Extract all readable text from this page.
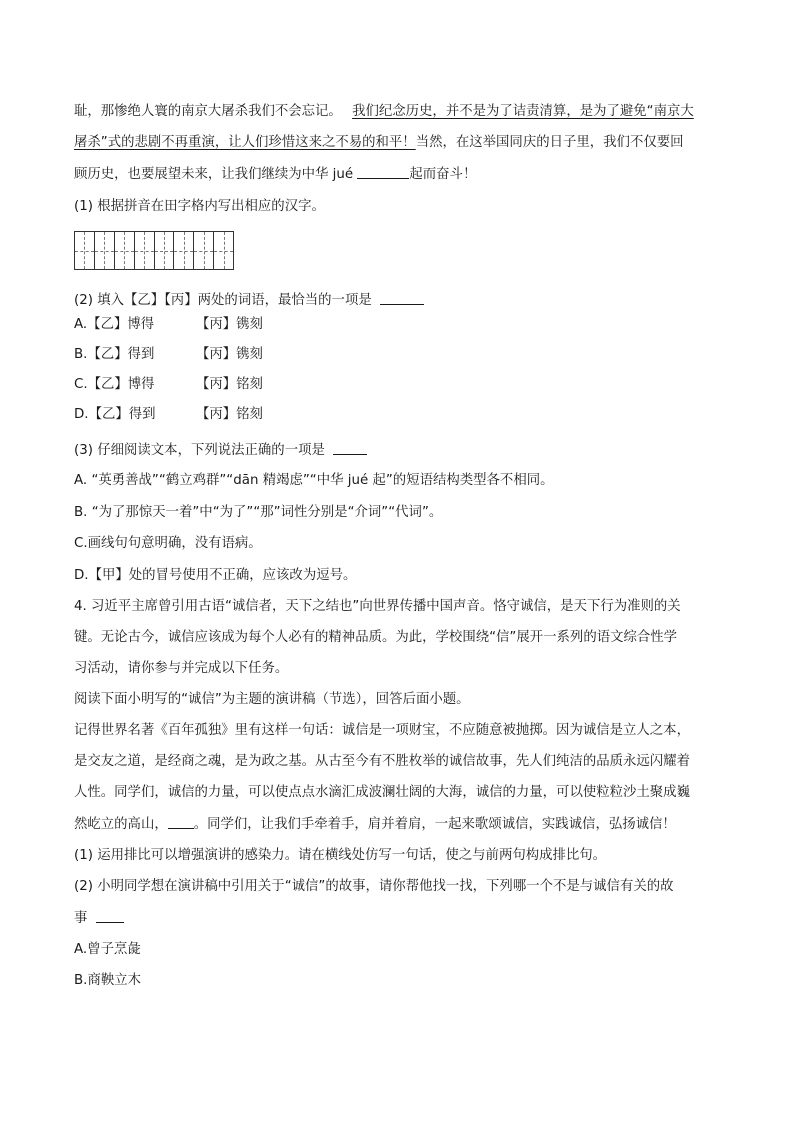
耻，那惨绝人寰的南京大屠杀我们不会忘记。 我们纪念历史，并不是为了诘责清算，是为了避免“南京大
屠杀”式的悲剧不再重演，让人们珍惜这来之不易的和平！当然，在这举国同庆的日子里，我们不仅要回
顾历史，也要展望未来，让我们继续为中华 jué	起而奋斗！
(1) 根据拼音在田字格内写出相应的汉字。
(2) 填入【乙】【丙】两处的词语，最恰当的一项是
A.【乙】博得	【丙】镌刻
B.【乙】得到	【丙】镌刻
C.【乙】博得	【丙】铭刻
D.【乙】得到	【丙】铭刻
(3) 仔细阅读文本，下列说法正确的一项是
A. “英勇善战”“鹤立鸡群”“dān 精竭虑”“中华 jué 起”的短语结构类型各不相同。
B. “为了那惊天一着”中“为了”“那”词性分别是“介词”“代词”。
C.画线句句意明确，没有语病。
D.【甲】处的冒号使用不正确，应该改为逗号。
4. 习近平主席曾引用古语“诚信者，天下之结也”向世界传播中国声音。恪守诚信，是天下行为准则的关
键。无论古今，诚信应该成为每个人必有的精神品质。为此，学校围绕“信”展开一系列的语文综合性学
习活动，请你参与并完成以下任务。
阅读下面小明写的“诚信”为主题的演讲稿（节选），回答后面小题。
记得世界名著《百年孤独》里有这样一句话：诚信是一项财宝，不应随意被抛掷。因为诚信是立人之本，
是交友之道，是经商之魂，是为政之基。从古至今有不胜枚举的诚信故事，先人们纯洁的品质永远闪耀着
人性。同学们，诚信的力量，可以使点点水滴汇成波澜壮阔的大海，诚信的力量，可以使粒粒沙土聚成巍
然屹立的高山， 。同学们，让我们手牵着手，肩并着肩，一起来歌颂诚信，实践诚信，弘扬诚信！
(1) 运用排比可以增强演讲的感染力。请在横线处仿写一句话，使之与前两句构成排比句。
(2) 小明同学想在演讲稿中引用关于“诚信”的故事，请你帮他找一找，下列哪一个不是与诚信有关的故
事
A.曾子烹彘
B.商鞅立木
